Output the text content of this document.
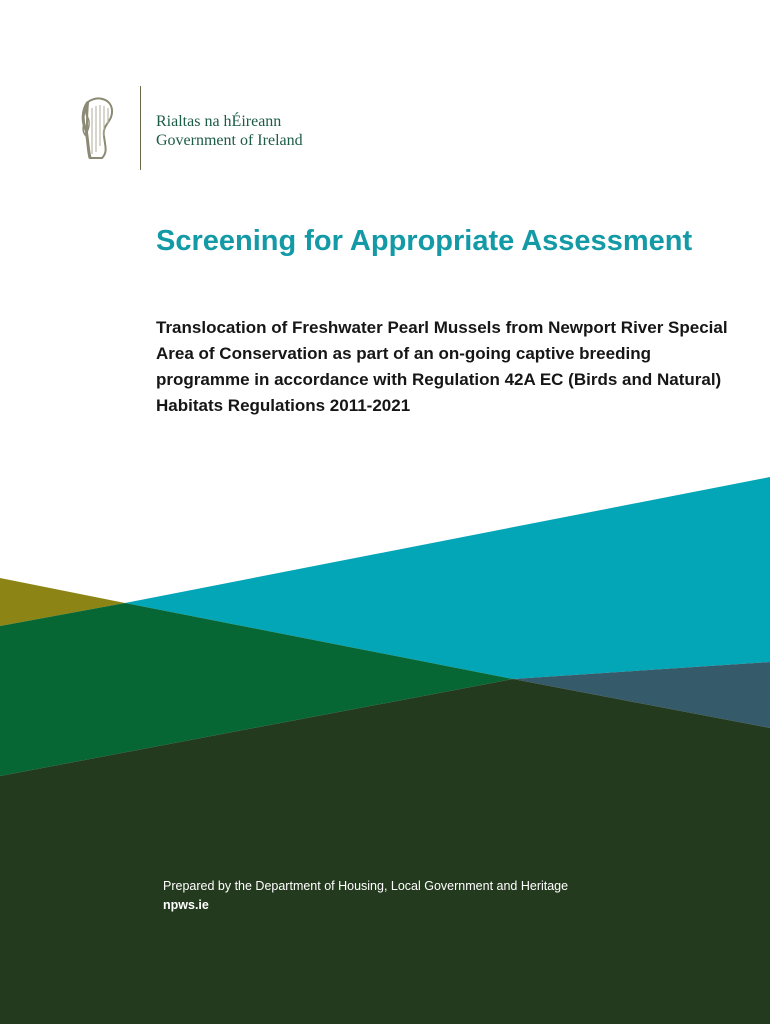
Rialtas na hÉireann
Government of Ireland
Screening for Appropriate Assessment

Translocation of Freshwater Pearl Mussels from Newport River Special Area of Conservation as part of an on-going captive breeding programme in accordance with Regulation 42A EC (Birds and Natural) Habitats Regulations 2011-2021

Prepared by the Department of Housing, Local Government and Heritage
npws.ie
